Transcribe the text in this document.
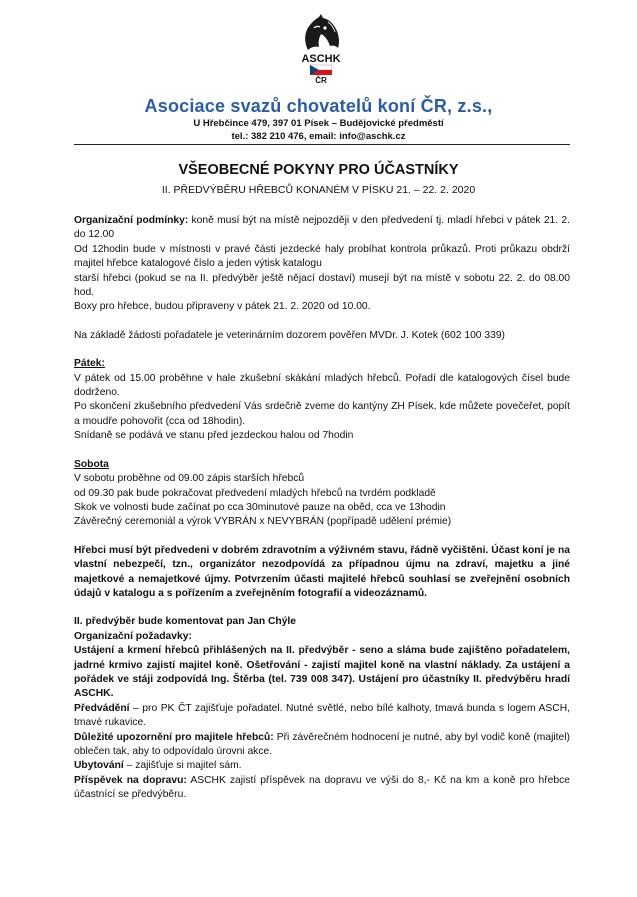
ASCHK
ČR
Asociace svazů chovatelů koní ČR, z.s.,
U Hřebčince 479, 397 01 Písek – Budějovické předměstí
tel.: 382 210 476, email: info@aschk.cz
VŠEOBECNÉ POKYNY PRO ÚČASTNÍKY
II. PŘEDVÝBĚRU HŘEBCŮ KONANÉM V PÍSKU 21. – 22. 2. 2020

Organizační podmínky: koně musí být na místě nejpozději v den předvedení tj. mladí hřebci v pátek 21. 2. do 12.00

Od 12hodin bude v místnosti v pravé části jezdecké haly probíhat kontrola průkazů. Proti průkazu obdrží majitel hřebce katalogové číslo a jeden výtisk katalogu

starší hřebci (pokud se na II. předvýběr ještě nějací dostaví) musejí být na místě v sobotu 22. 2. do 08.00 hod.

Boxy pro hřebce, budou připraveny v pátek 21. 2. 2020 od 10.00.

Na základě žádosti pořadatele je veterinárním dozorem pověřen MVDr. J. Kotek (602 100 339)

Pátek:

V pátek od 15.00 proběhne v hale zkušební skákání mladých hřebců. Pořadí dle katalogových čísel bude dodrženo.

Po skončení zkušebního předvedení Vás srdečně zveme do kantýny ZH Písek, kde můžete povečeřet, popít a moudře pohovořit (cca od 18hodin).

Snídaně se podává ve stanu před jezdeckou halou od 7hodin

Sobota

V sobotu proběhne od 09.00 zápis starších hřebců

od 09.30 pak bude pokračovat předvedení mladých hřebců na tvrdém podkladě

Skok ve volnosti bude začínat po cca 30minutové pauze na oběd, cca ve 13hodin

Závěrečný ceremoniál a výrok VYBRÁN x NEVYBRÁN (popřípadě udělení prémie)

Hřebci musí být předvedeni v dobrém zdravotním a výživném stavu, řádně vyčištěni. Účast koní je na vlastní nebezpečí, tzn., organizátor nezodpovídá za případnou újmu na zdraví, majetku a jiné majetkové a nemajetkové újmy. Potvrzením účasti majitelé hřebců souhlasí se zveřejnění osobních údajů v katalogu a s pořízením a zveřejněním fotografií a videozáznamů.

II. předvýběr bude komentovat pan Jan Chýle

Organizační požadavky:

Ustájení a krmení hřebců přihlášených na II. předvýběr - seno a sláma bude zajištěno pořadatelem, jadrné krmivo zajistí majitel koně. Ošetřování - zajistí majitel koně na vlastní náklady. Za ustájení a pořádek ve stáji zodpovídá Ing. Štěrba (tel. 739 008 347). Ustájení pro účastníky II. předvýběru hradí ASCHK.

Předvádění – pro PK ČT zajišťuje pořadatel. Nutné světlé, nebo bílé kalhoty, tmavá bunda s logem ASCH, tmavé rukavice.

Důležité upozornění pro majitele hřebců: Při závěrečném hodnocení je nutné, aby byl vodič koně (majitel) oblečen tak, aby to odpovídalo úrovni akce.

Ubytování – zajišťuje si majitel sám.

Příspěvek na dopravu: ASCHK zajistí příspěvek na dopravu ve výši do 8,- Kč na km a koně pro hřebce účastnící se předvýběru.
